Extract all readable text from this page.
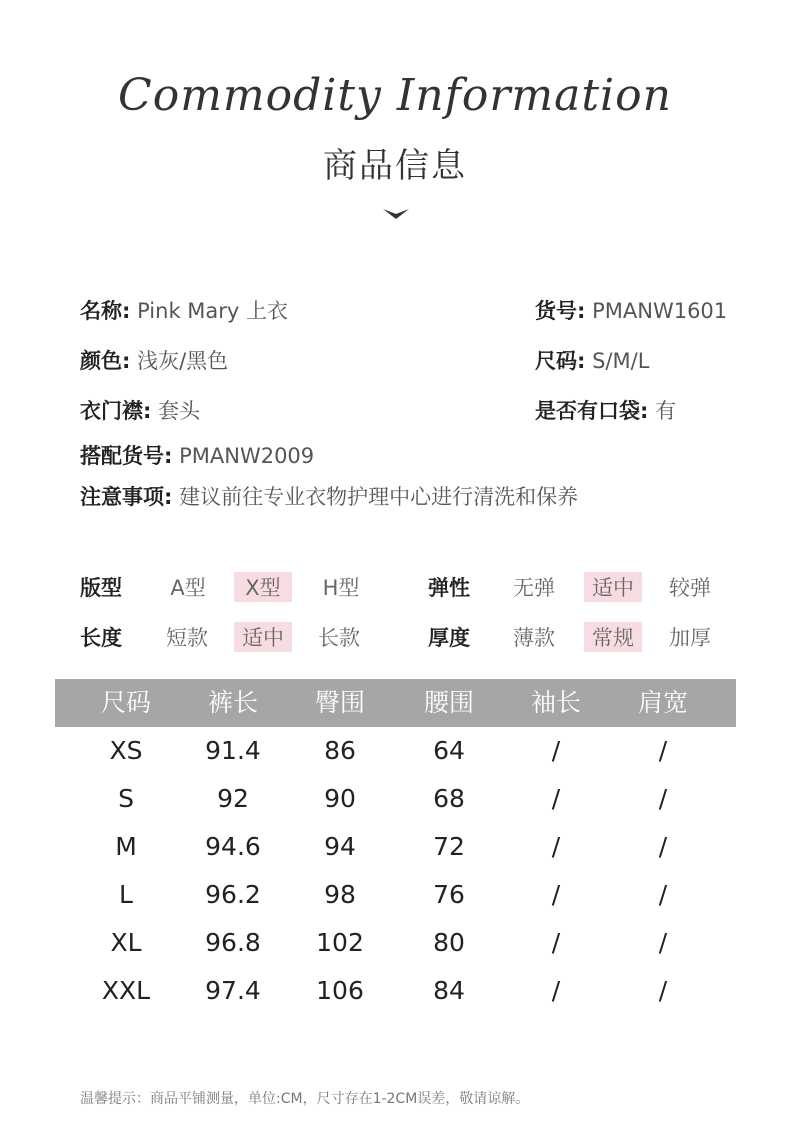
Commodity Information
商品信息
名称: Pink Mary 上衣	货号: PMANW1601
颜色: 浅灰/黑色	尺码: S/M/L
衣门襟: 套头	是否有口袋: 有
搭配货号: PMANW2009
注意事项: 建议前往专业衣物护理中心进行清洗和保养
版型	A型	X型	H型	弹性	无弹	适中	较弹
长度	短款	适中	长款	厚度	薄款	常规	加厚
尺码	裤长	臀围	腰围	袖长	肩宽
XS	91.4	86	64	/	/
S	92	90	68	/	/
M	94.6	94	72	/	/
L	96.2	98	76	/	/
XL	96.8	102	80	/	/
XXL	97.4	106	84	/	/
温馨提示：商品平铺测量，单位:CM，尺寸存在1-2CM误差，敬请谅解。
